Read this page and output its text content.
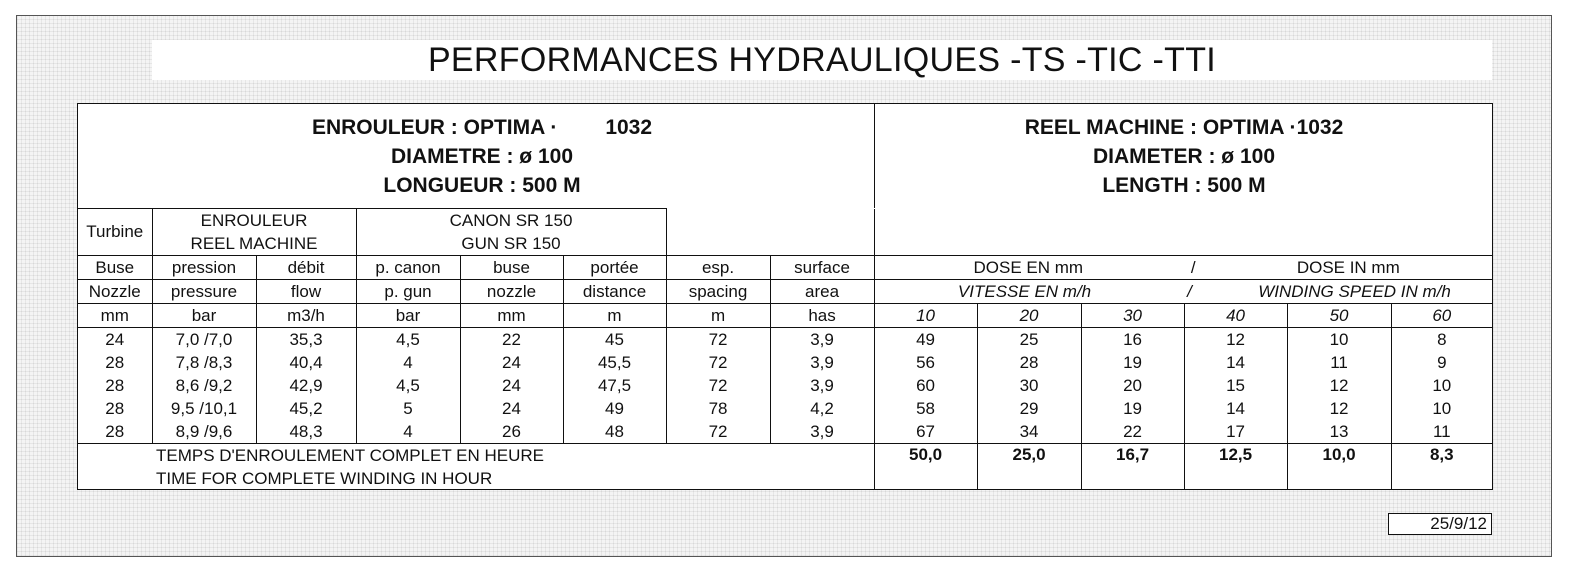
PERFORMANCES HYDRAULIQUES -TS -TIC -TTI
ENROULEUR : OPTIMA · 1032
DIAMETRE : ø 100
LONGUEUR : 500 M
REEL MACHINE : OPTIMA ·1032
DIAMETER : ø 100
LENGTH : 500 M
Turbine	ENROULEUR		CANON SR 150										
	REEL MACHINE		GUN SR 150										
Buse	pression	débit	p. canon	buse	portée	esp.	surface	DOSE EN mm / DOSE IN mm					
Nozzle	pressure	flow	p. gun	nozzle	distance	spacing	area	VITESSE EN m/h / WINDING SPEED IN m/h					
mm	bar	m3/h	bar	mm	m	m	has	10	20	30	40	50	60
24	7,0 /7,0	35,3	4,5	22	45	72	3,9	49	25	16	12	10	8
28	7,8 /8,3	40,4	4	24	45,5	72	3,9	56	28	19	14	11	9
28	8,6 /9,2	42,9	4,5	24	47,5	72	3,9	60	30	20	15	12	10
28	9,5 /10,1	45,2	5	24	49	78	4,2	58	29	19	14	12	10
28	8,9 /9,6	48,3	4	26	48	72	3,9	67	34	22	17	13	11
TEMPS D'ENROULEMENT COMPLET EN HEURE								50,0	25,0	16,7	12,5	10,0	8,3
TIME FOR COMPLETE WINDING IN HOUR													
25/9/12
